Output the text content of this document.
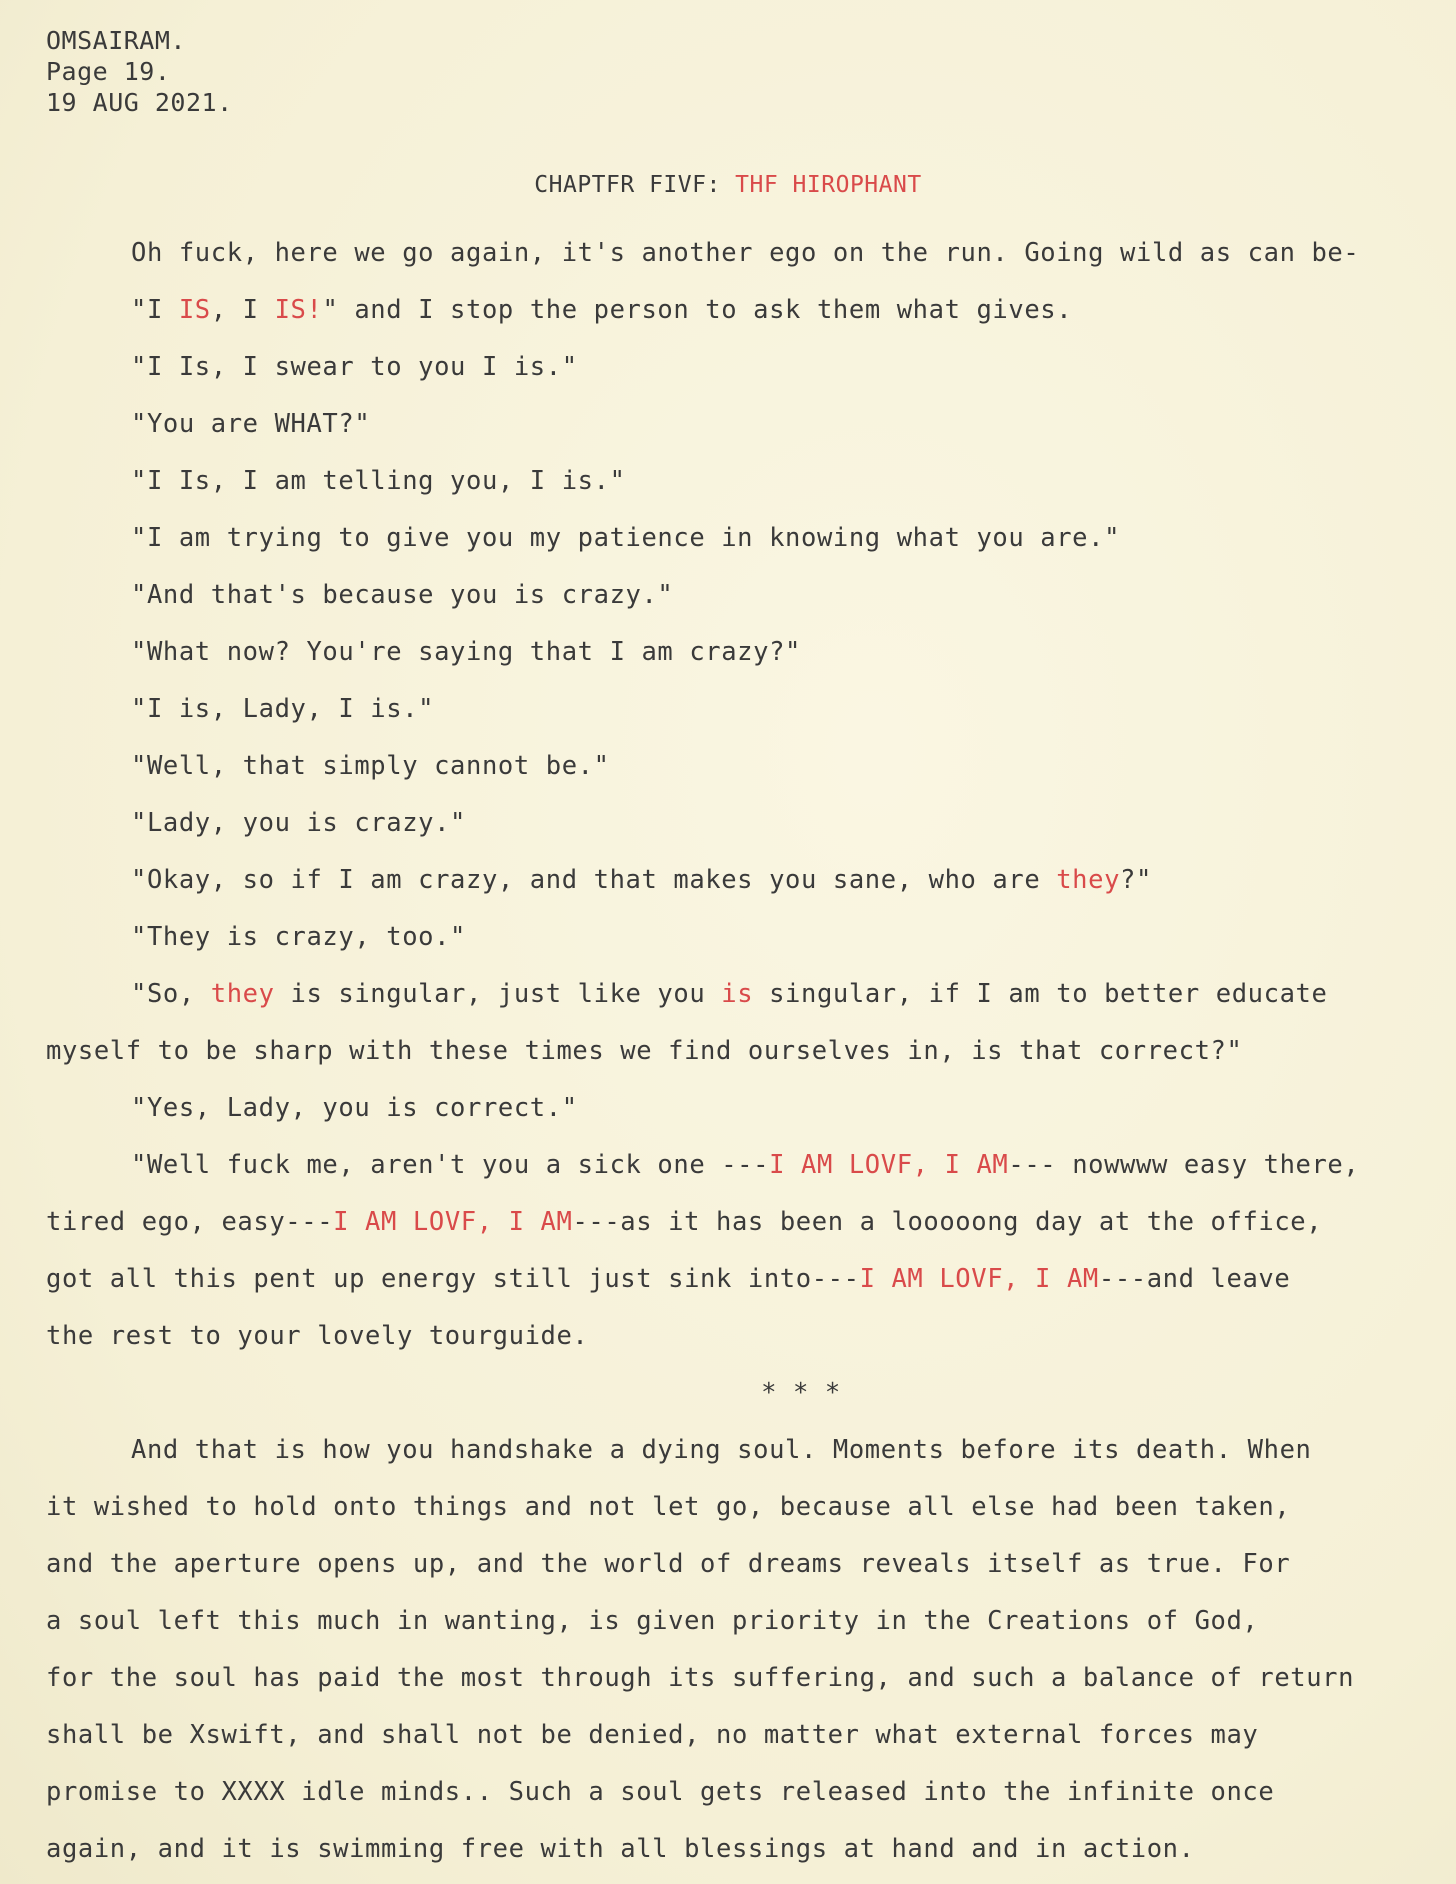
OMSAIRAM.
Page 19.
19 AUG 2021.
CHAPTFR FIVF: THF HIROPHANT
Oh fuck, here we go again, it's another ego on the run. Going wild as can be-
"I IS, I IS!" and I stop the person to ask them what gives.
"I Is, I swear to you I is."
"You are WHAT?"
"I Is, I am telling you, I is."
"I am trying to give you my patience in knowing what you are."
"And that's because you is crazy."
"What now? You're saying that I am crazy?"
"I is, Lady, I is."
"Well, that simply cannot be."
"Lady, you is crazy."
"Okay, so if I am crazy, and that makes you sane, who are they?"
"They is crazy, too."
"So, they is singular, just like you is singular, if I am to better educate
myself to be sharp with these times we find ourselves in, is that correct?"
"Yes, Lady, you is correct."
"Well fuck me, aren't you a sick one ---I AM LOVF, I AM--- nowwww easy there,
tired ego, easy---I AM LOVF, I AM---as it has been a looooong day at the office,
got all this pent up energy still just sink into---I AM LOVF, I AM---and leave
the rest to your lovely tourguide.
* * *
And that is how you handshake a dying soul. Moments before its death. When
it wished to hold onto things and not let go, because all else had been taken,
and the aperture opens up, and the world of dreams reveals itself as true. For
a soul left this much in wanting, is given priority in the Creations of God,
for the soul has paid the most through its suffering, and such a balance of return
shall be Xswift, and shall not be denied, no matter what external forces may
promise to XXXX idle minds.. Such a soul gets released into the infinite once
again, and it is swimming free with all blessings at hand and in action.
